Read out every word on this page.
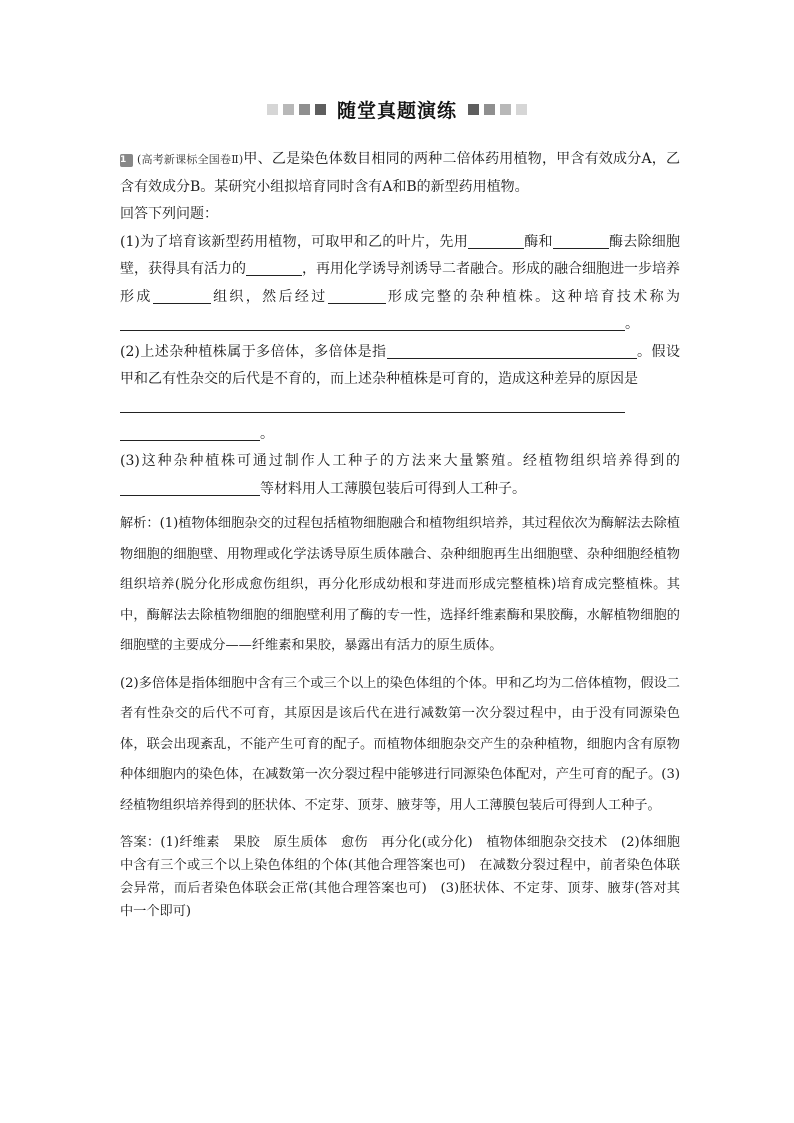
随堂真题演练

1 (高考新课标全国卷Ⅱ)甲、乙是染色体数目相同的两种二倍体药用植物，甲含有效成分A，乙含有效成分B。某研究小组拟培育同时含有A和B的新型药用植物。

回答下列问题：

(1)为了培育该新型药用植物，可取甲和乙的叶片，先用	酶和	酶去除细胞壁，获得具有活力的	，再用化学诱导剂诱导二者融合。形成的融合细胞进一步培养形成	组织，然后经过	形成完整的杂种植株。这种培育技术称为。

(2)上述杂种植株属于多倍体，多倍体是指	。假设甲和乙有性杂交的后代是不育的，而上述杂种植株是可育的，造成这种差异的原因是

。

(3)这种杂种植株可通过制作人工种子的方法来大量繁殖。经植物组织培养得到的等材料用人工薄膜包装后可得到人工种子。

解析：(1)植物体细胞杂交的过程包括植物细胞融合和植物组织培养，其过程依次为酶解法去除植物细胞的细胞壁、用物理或化学法诱导原生质体融合、杂种细胞再生出细胞壁、杂种细胞经植物组织培养(脱分化形成愈伤组织，再分化形成幼根和芽进而形成完整植株)培育成完整植株。其中，酶解法去除植物细胞的细胞壁利用了酶的专一性，选择纤维素酶和果胶酶，水解植物细胞的细胞壁的主要成分——纤维素和果胶，暴露出有活力的原生质体。

(2)多倍体是指体细胞中含有三个或三个以上的染色体组的个体。甲和乙均为二倍体植物，假设二者有性杂交的后代不可育，其原因是该后代在进行减数第一次分裂过程中，由于没有同源染色体，联会出现紊乱，不能产生可育的配子。而植物体细胞杂交产生的杂种植物，细胞内含有原物种体细胞内的染色体，在减数第一次分裂过程中能够进行同源染色体配对，产生可育的配子。(3)经植物组织培养得到的胚状体、不定芽、顶芽、腋芽等，用人工薄膜包装后可得到人工种子。

答案：(1)纤维素　果胶　原生质体　愈伤　再分化(或分化)　植物体细胞杂交技术　(2)体细胞中含有三个或三个以上染色体组的个体(其他合理答案也可)　在减数分裂过程中，前者染色体联会异常，而后者染色体联会正常(其他合理答案也可)　(3)胚状体、不定芽、顶芽、腋芽(答对其中一个即可)
